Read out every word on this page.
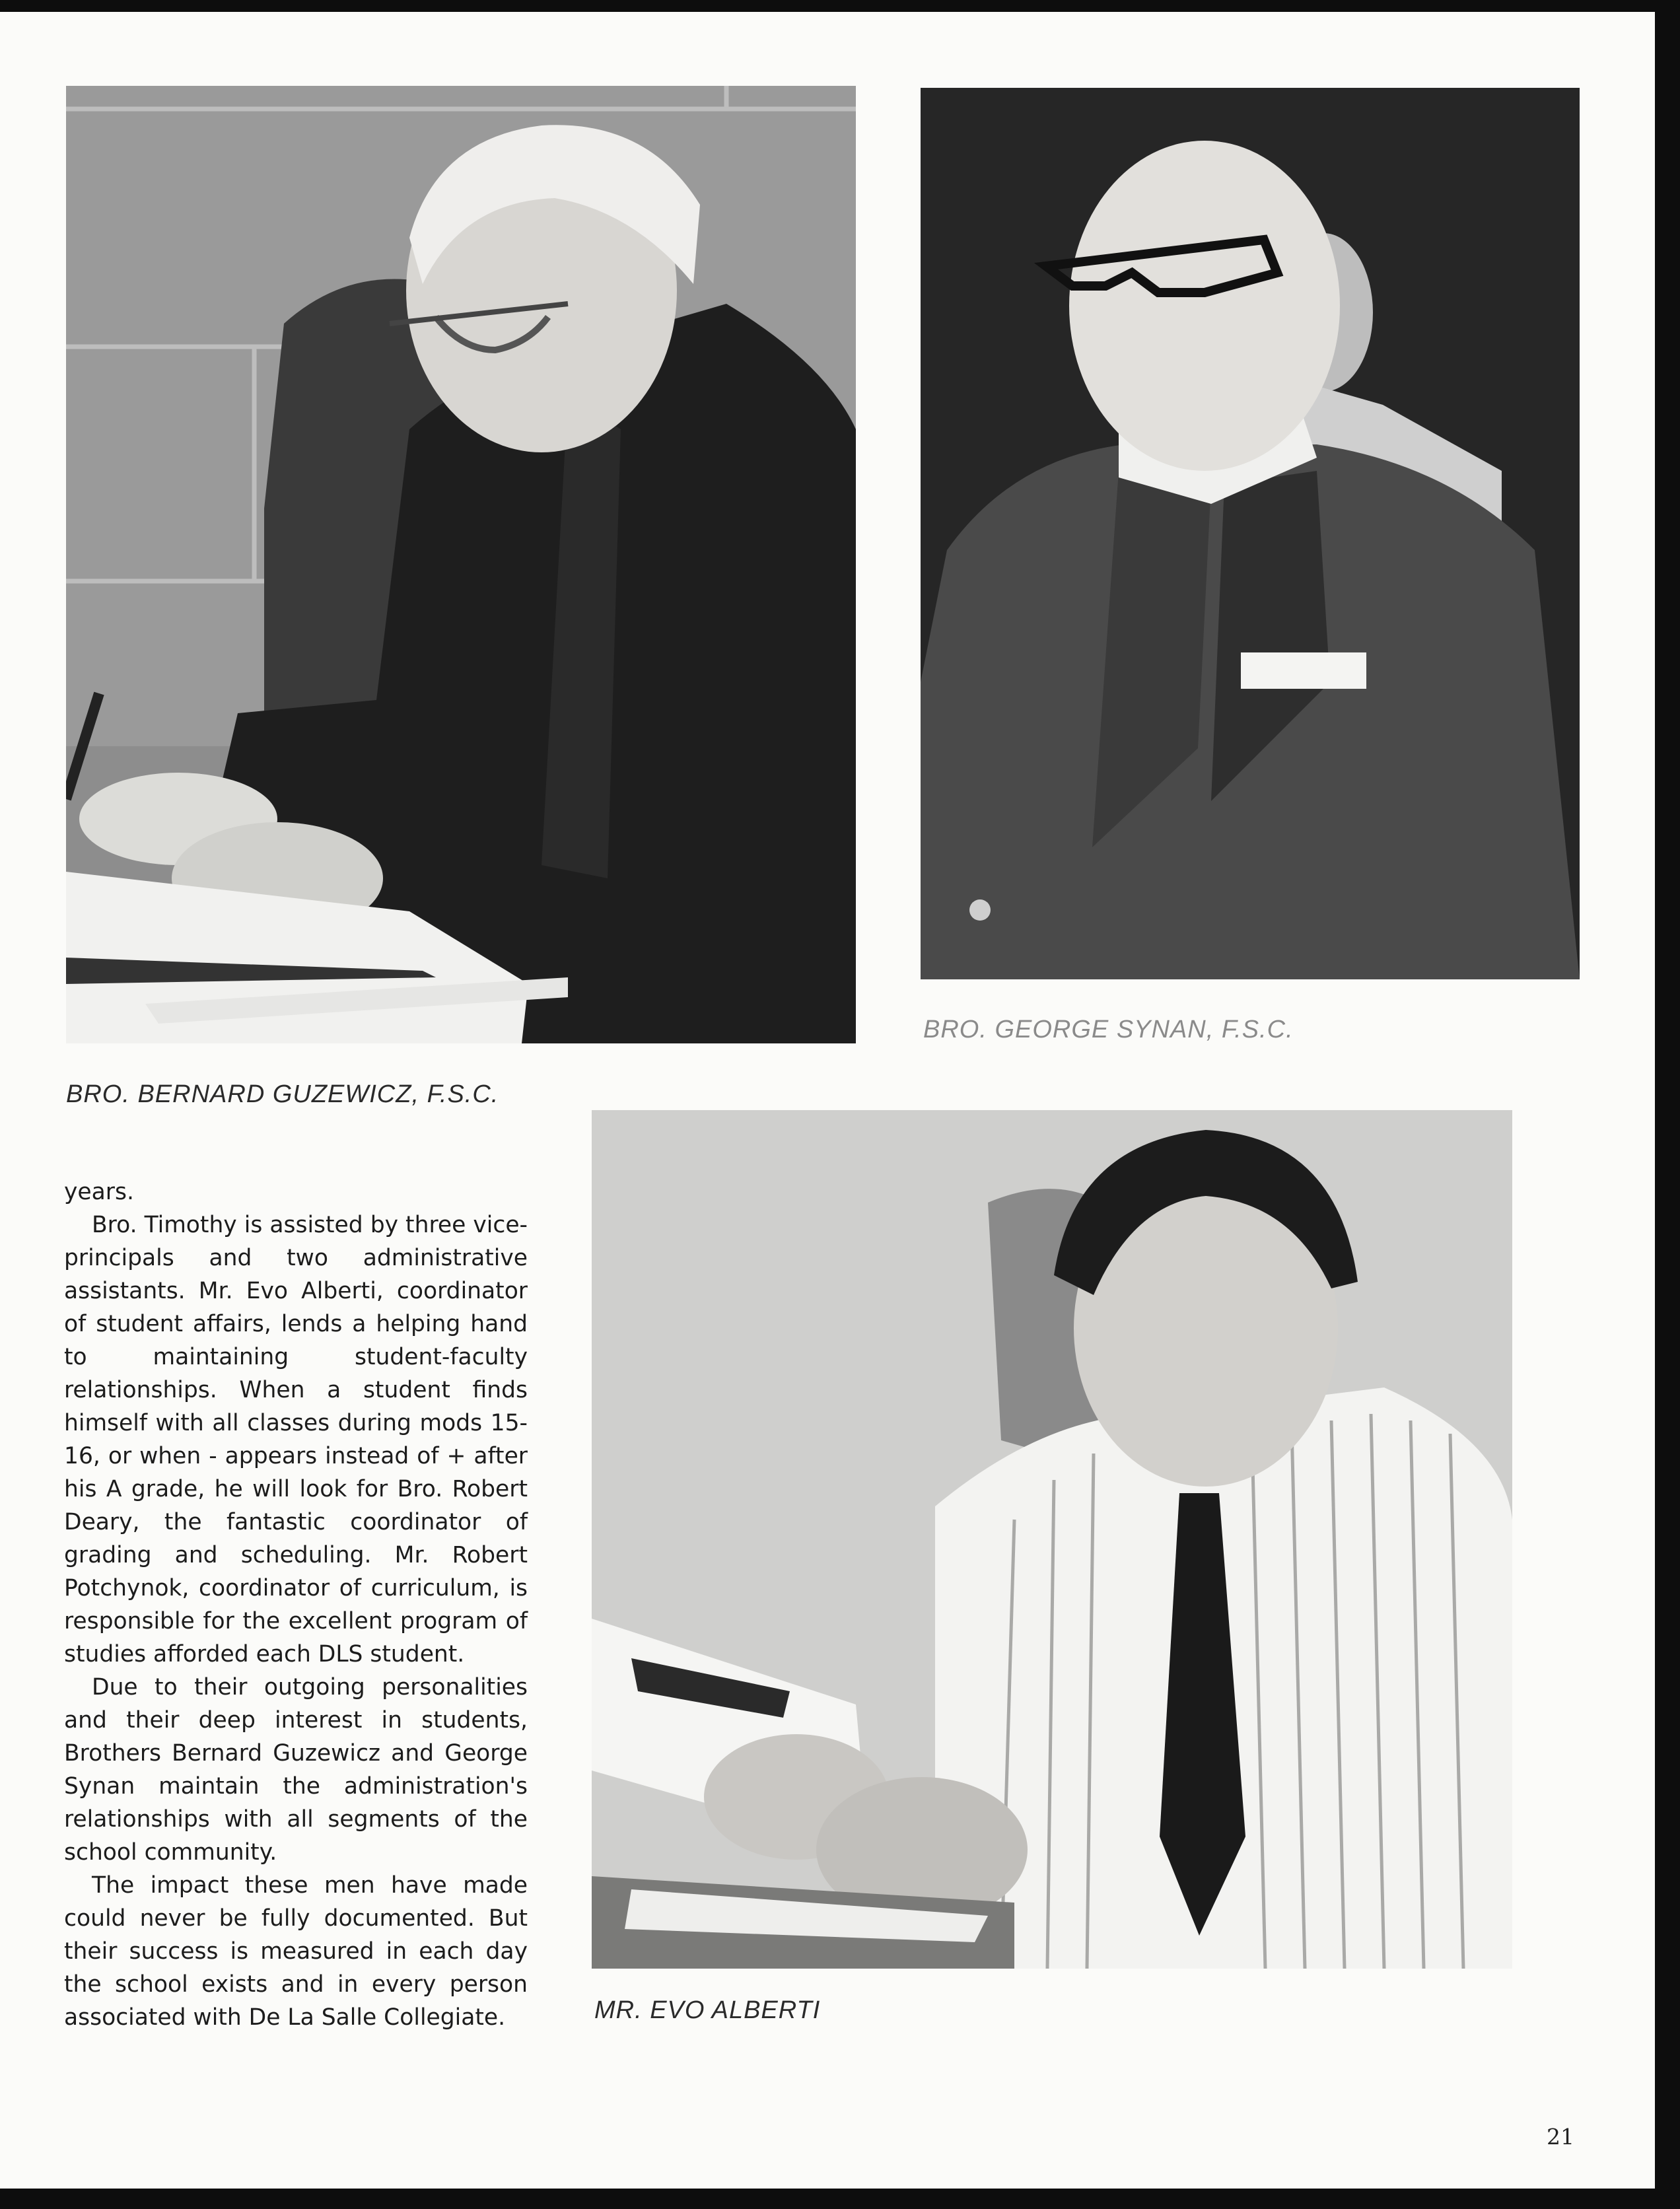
BRO. BERNARD GUZEWICZ, F.S.C.
BRO. GEORGE SYNAN, F.S.C.
MR. EVO ALBERTI

years.

Bro. Timothy is assisted by three vice-principals and two administrative assistants. Mr. Evo Alberti, coordinator of student affairs, lends a helping hand to maintaining student-faculty relationships. When a student finds himself with all classes during mods 15-16, or when - appears instead of + after his A grade, he will look for Bro. Robert Deary, the fantastic coordinator of grading and scheduling. Mr. Robert Potchynok, coordinator of curriculum, is responsible for the excellent program of studies afforded each DLS student.

Due to their outgoing personalities and their deep interest in students, Brothers Bernard Guzewicz and George Synan maintain the administration's relationships with all segments of the school community.

The impact these men have made could never be fully documented. But their success is measured in each day the school exists and in every person associated with De La Salle Collegiate.

21
